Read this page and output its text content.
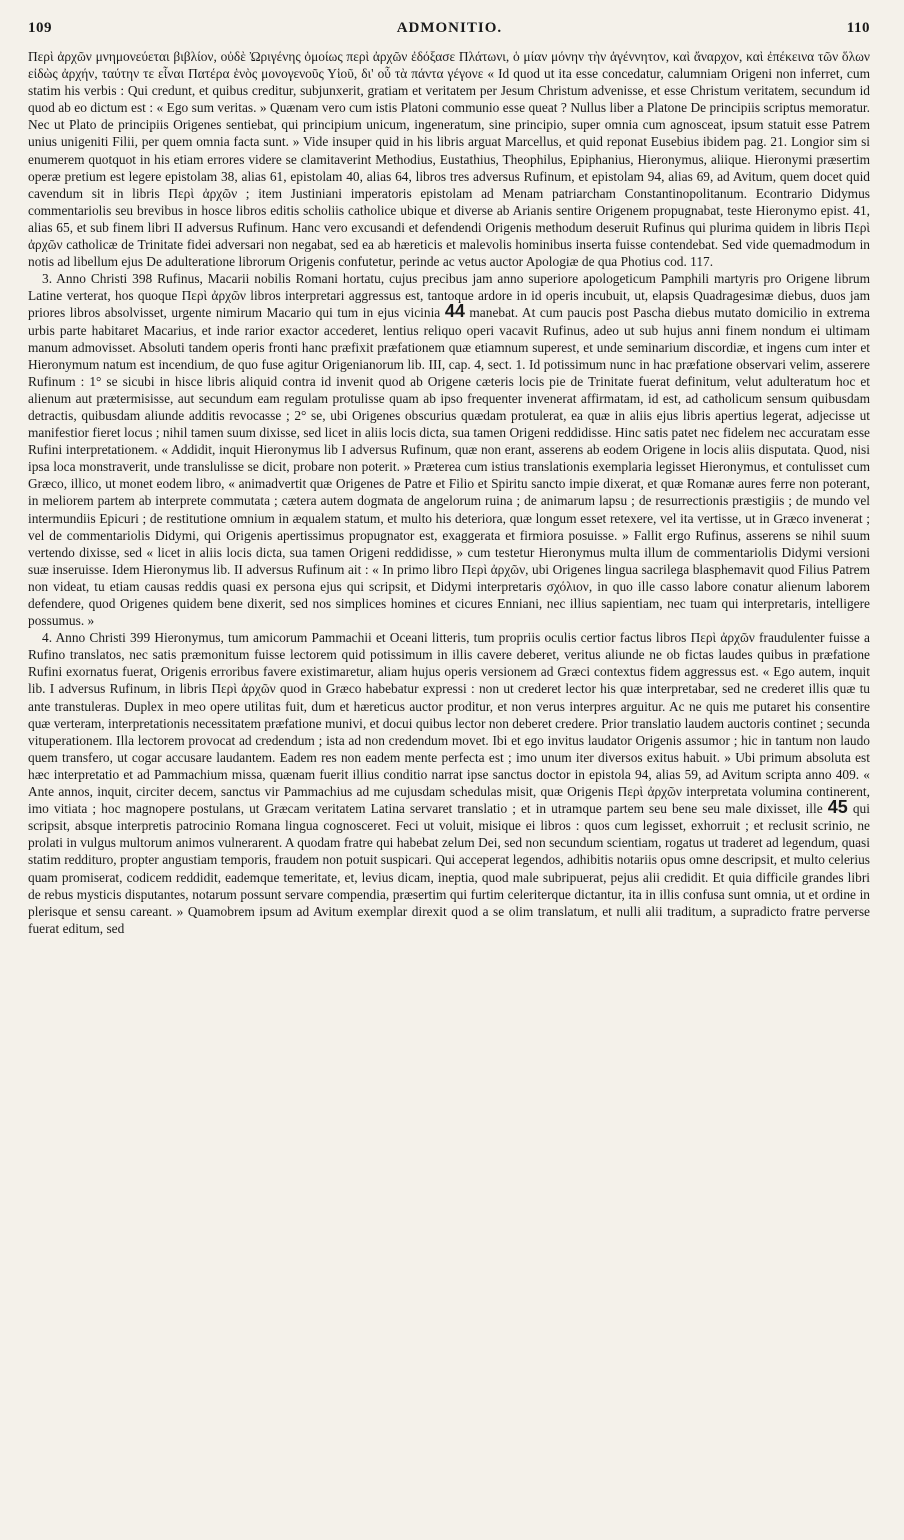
109	ADMONITIO.	110

Περὶ ἀρχῶν μνημονεύεται βιβλίον, οὐδὲ Ὠριγένης ὁμοίως περὶ ἀρχῶν ἐδόξασε Πλάτωνι, ὁ μίαν μόνην τὴν ἀγέννητον, καὶ ἄναρχον, καὶ ἐπέκεινα τῶν ὅλων εἰδὼς ἀρχήν, ταύτην τε εἶναι Πατέρα ἑνὸς μονογενοῦς Υἱοῦ, δι' οὗ τὰ πάντα γέγονε « Id quod ut ita esse concedatur, calumniam Origeni non inferret, cum statim his verbis : Qui credunt, et quibus creditur, subjunxerit, gratiam et veritatem per Jesum Christum advenisse, et esse Christum veritatem, secundum id quod ab eo dictum est : « Ego sum veritas. » Quænam vero cum istis Platoni communio esse queat ? Nullus liber a Platone De principiis scriptus memoratur. Nec ut Plato de principiis Origenes sentiebat, qui principium unicum, ingeneratum, sine principio, super omnia cum agnosceat, ipsum statuit esse Patrem unius unigeniti Filii, per quem omnia facta sunt. » Vide insuper quid in his libris arguat Marcellus, et quid reponat Eusebius ibidem pag. 21. Longior sim si enumerem quotquot in his etiam errores videre se clamitaverint Methodius, Eustathius, Theophilus, Epiphanius, Hieronymus, aliique. Hieronymi præsertim operæ pretium est legere epistolam 38, alias 61, epistolam 40, alias 64, libros tres adversus Rufinum, et epistolam 94, alias 69, ad Avitum, quem docet quid cavendum sit in libris Περὶ ἀρχῶν ; item Justiniani imperatoris epistolam ad Menam patriarcham Constantinopolitanum. Econtrario Didymus commentariolis seu brevibus in hosce libros editis scholiis catholice ubique et diverse ab Arianis sentire Origenem propugnabat, teste Hieronymo epist. 41, alias 65, et sub finem libri II adversus Rufinum. Hanc vero excusandi et defendendi Origenis methodum deseruit Rufinus qui plurima quidem in libris Περὶ ἀρχῶν catholicæ de Trinitate fidei adversari non negabat, sed ea ab hæreticis et malevolis hominibus inserta fuisse contendebat. Sed vide quemadmodum in notis ad libellum ejus De adulteratione librorum Origenis confutetur, perinde ac vetus auctor Apologiæ de qua Photius cod. 117.

3. Anno Christi 398 Rufinus, Macarii nobilis Romani hortatu, cujus precibus jam anno superiore apologeticum Pamphili martyris pro Origene librum Latine verterat, hos quoque Περὶ ἀρχῶν libros interpretari aggressus est, tantoque ardore in id operis incubuit, ut, elapsis Quadragesimæ diebus, duos jam priores libros absolvisset, urgente nimirum Macario qui tum in ejus vicinia 44 manebat. At cum paucis post Pascha diebus mutato domicilio in extrema urbis parte habitaret Macarius, et inde rarior exactor accederet, lentius reliquo operi vacavit Rufinus, adeo ut sub hujus anni finem nondum ei ultimam manum admovisset. Absoluti tandem operis fronti hanc præfixit præfationem quæ etiamnum superest, et unde seminarium discordiæ, et ingens cum inter et Hieronymum natum est incendium, de quo fuse agitur Origenianorum lib. III, cap. 4, sect. 1. Id potissimum nunc in hac præfatione observari velim, asserere Rufinum : 1° se sicubi in hisce libris aliquid contra id invenit quod ab Origene cæteris locis pie de Trinitate fuerat definitum, velut adulteratum hoc et alienum aut prætermisisse, aut secundum eam regulam protulisse quam ab ipso frequenter invenerat affirmatam, id est, ad catholicum sensum quibusdam detractis, quibusdam aliunde additis revocasse ; 2° se, ubi Origenes obscurius quædam protulerat, ea quæ in aliis ejus libris apertius legerat, adjecisse ut manifestior fieret locus ; nihil tamen suum dixisse, sed licet in aliis locis dicta, sua tamen Origeni reddidisse. Hinc satis patet nec fidelem nec accuratam esse Rufini interpretationem. « Addidit, inquit Hieronymus lib I adversus Rufinum, quæ non erant, asserens ab eodem Origene in locis aliis disputata. Quod, nisi ipsa loca monstraverit, unde translulisse se dicit, probare non poterit. » Præterea cum istius translationis exemplaria legisset Hieronymus, et contulisset cum Græco, illico, ut monet eodem libro, « animadvertit quæ Origenes de Patre et Filio et Spiritu sancto impie dixerat, et quæ Romanæ aures ferre non poterant, in meliorem partem ab interprete commutata ; cætera autem dogmata de angelorum ruina ; de animarum lapsu ; de resurrectionis præstigiis ; de mundo vel intermundiis Epicuri ; de restitutione omnium in æqualem statum, et multo his deteriora, quæ longum esset retexere, vel ita vertisse, ut in Græco invenerat ; vel de commentariolis Didymi, qui Origenis apertissimus propugnator est, exaggerata et firmiora posuisse. » Fallit ergo Rufinus, asserens se nihil suum vertendo dixisse, sed « licet in aliis locis dicta, sua tamen Origeni reddidisse, » cum testetur Hieronymus multa illum de commentariolis Didymi versioni suæ inseruisse. Idem Hieronymus lib. II adversus Rufinum ait : « In primo libro Περὶ ἀρχῶν, ubi Origenes lingua sacrilega blasphemavit quod Filius Patrem non videat, tu etiam causas reddis quasi ex persona ejus qui scripsit, et Didymi interpretaris σχόλιον, in quo ille casso labore conatur alienum laborem defendere, quod Origenes quidem bene dixerit, sed nos simplices homines et cicures Enniani, nec illius sapientiam, nec tuam qui interpretaris, intelligere possumus. »

4. Anno Christi 399 Hieronymus, tum amicorum Pammachii et Oceani litteris, tum propriis oculis certior factus libros Περὶ ἀρχῶν fraudulenter fuisse a Rufino translatos, nec satis præmonitum fuisse lectorem quid potissimum in illis cavere deberet, veritus aliunde ne ob fictas laudes quibus in præfatione Rufini exornatus fuerat, Origenis erroribus favere existimaretur, aliam hujus operis versionem ad Græci contextus fidem aggressus est. « Ego autem, inquit lib. I adversus Rufinum, in libris Περὶ ἀρχῶν quod in Græco habebatur expressi : non ut crederet lector his quæ interpretabar, sed ne crederet illis quæ tu ante transtuleras. Duplex in meo opere utilitas fuit, dum et hæreticus auctor proditur, et non verus interpres arguitur. Ac ne quis me putaret his consentire quæ verteram, interpretationis necessitatem præfatione munivi, et docui quibus lector non deberet credere. Prior translatio laudem auctoris continet ; secunda vituperationem. Illa lectorem provocat ad credendum ; ista ad non credendum movet. Ibi et ego invitus laudator Origenis assumor ; hic in tantum non laudo quem transfero, ut cogar accusare laudantem. Eadem res non eadem mente perfecta est ; imo unum iter diversos exitus habuit. » Ubi primum absoluta est hæc interpretatio et ad Pammachium missa, quænam fuerit illius conditio narrat ipse sanctus doctor in epistola 94, alias 59, ad Avitum scripta anno 409. « Ante annos, inquit, circiter decem, sanctus vir Pammachius ad me cujusdam schedulas misit, quæ Origenis Περὶ ἀρχῶν interpretata volumina continerent, imo vitiata ; hoc magnopere postulans, ut Græcam veritatem Latina servaret translatio ; et in utramque partem seu bene seu male dixisset, ille 45 qui scripsit, absque interpretis patrocinio Romana lingua cognosceret. Feci ut voluit, misique ei libros : quos cum legisset, exhorruit ; et reclusit scrinio, ne prolati in vulgus multorum animos vulnerarent. A quodam fratre qui habebat zelum Dei, sed non secundum scientiam, rogatus ut traderet ad legendum, quasi statim redditurо, propter angustiam temporis, fraudem non potuit suspicari. Qui acceperat legendos, adhibitis notariis opus omne descripsit, et multo celerius quam promiserat, codicem reddidit, eademque temeritate, et, levius dicam, ineptia, quod male subripuerat, pejus alii credidit. Et quia difficile grandes libri de rebus mysticis disputantes, notarum possunt servare compendia, præsertim qui furtim celeriterque dictantur, ita in illis confusa sunt omnia, ut et ordine in plerisque et sensu careant. » Quamobrem ipsum ad Avitum exemplar direxit quod a se olim translatum, et nulli alii traditum, a supradicto fratre perverse fuerat editum, sed
